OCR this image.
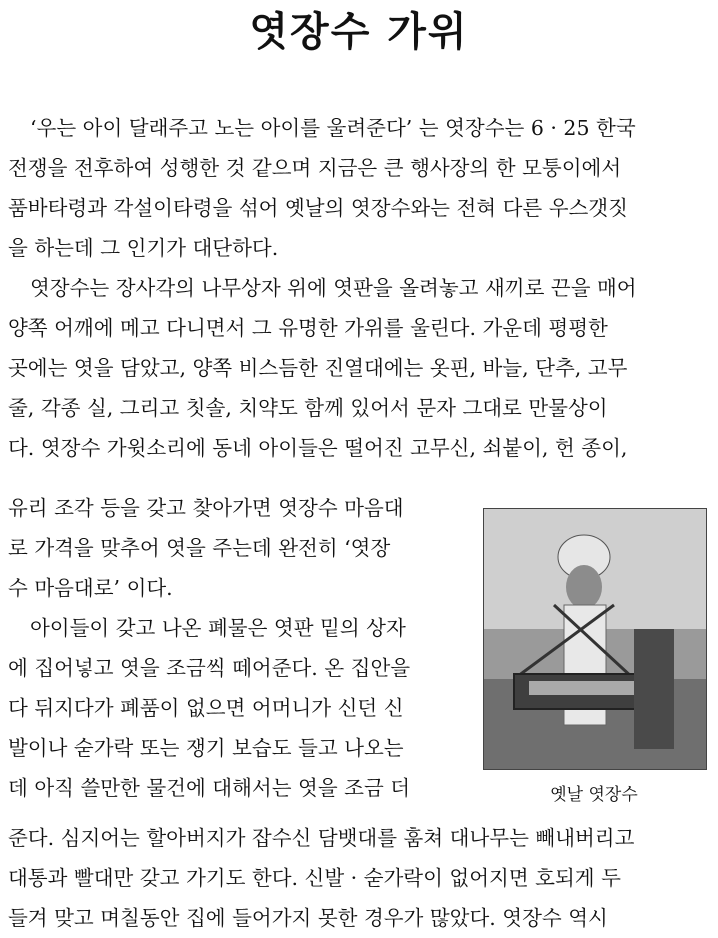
엿장수 가위
‘우는 아이 달래주고 노는 아이를 울려준다’ 는 엿장수는 6 · 25 한국
전쟁을 전후하여 성행한 것 같으며 지금은 큰 행사장의 한 모퉁이에서
품바타령과 각설이타령을 섞어 옛날의 엿장수와는 전혀 다른 우스갯짓
을 하는데 그 인기가 대단하다.
엿장수는 장사각의 나무상자 위에 엿판을 올려놓고 새끼로 끈을 매어
양쪽 어깨에 메고 다니면서 그 유명한 가위를 울린다. 가운데 평평한
곳에는 엿을 담았고, 양쪽 비스듬한 진열대에는 옷핀, 바늘, 단추, 고무
줄, 각종 실, 그리고 칫솔, 치약도 함께 있어서 문자 그대로 만물상이
다. 엿장수 가윗소리에 동네 아이들은 떨어진 고무신, 쇠붙이, 헌 종이,
유리 조각 등을 갖고 찾아가면 엿장수 마음대
로 가격을 맞추어 엿을 주는데 완전히 ‘엿장
수 마음대로’ 이다.
아이들이 갖고 나온 폐물은 엿판 밑의 상자
에 집어넣고 엿을 조금씩 떼어준다. 온 집안을
다 뒤지다가 폐품이 없으면 어머니가 신던 신
발이나 숟가락 또는 쟁기 보습도 들고 나오는
데 아직 쓸만한 물건에 대해서는 엿을 조금 더	옛날 엿장수
준다. 심지어는 할아버지가 잡수신 담뱃대를 훔쳐 대나무는 빼내버리고
대통과 빨대만 갖고 가기도 한다. 신발 · 숟가락이 없어지면 호되게 두
들겨 맞고 며칠동안 집에 들어가지 못한 경우가 많았다. 엿장수 역시
